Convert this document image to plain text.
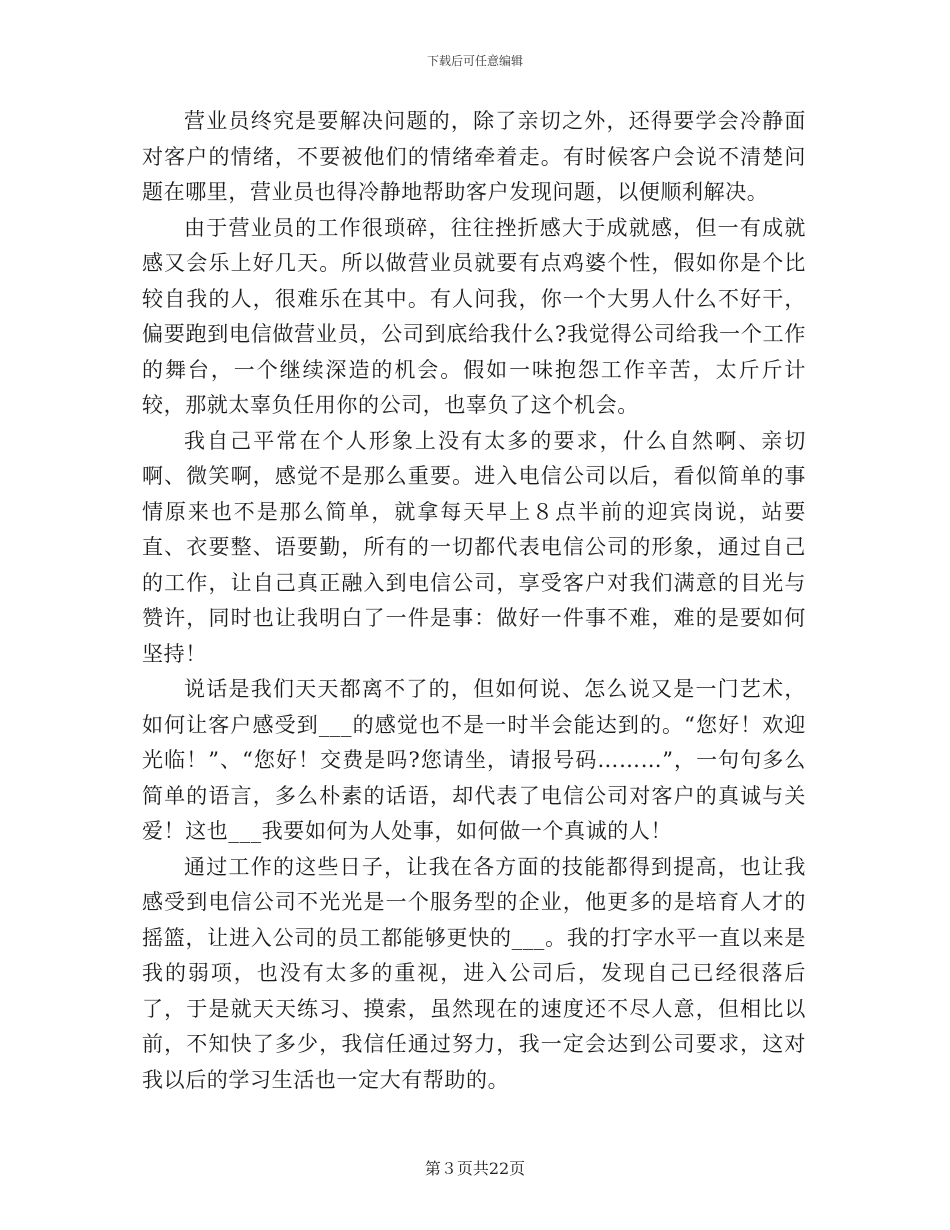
下载后可任意编辑

营业员终究是要解决问题的，除了亲切之外，还得要学会冷静面对客户的情绪，不要被他们的情绪牵着走。有时候客户会说不清楚问题在哪里，营业员也得冷静地帮助客户发现问题，以便顺利解决。

由于营业员的工作很琐碎，往往挫折感大于成就感，但一有成就感又会乐上好几天。所以做营业员就要有点鸡婆个性，假如你是个比较自我的人，很难乐在其中。有人问我，你一个大男人什么不好干，偏要跑到电信做营业员，公司到底给我什么?我觉得公司给我一个工作的舞台，一个继续深造的机会。假如一味抱怨工作辛苦，太斤斤计较，那就太辜负任用你的公司，也辜负了这个机会。

我自己平常在个人形象上没有太多的要求，什么自然啊、亲切啊、微笑啊，感觉不是那么重要。进入电信公司以后，看似简单的事情原来也不是那么简单，就拿每天早上８点半前的迎宾岗说，站要直、衣要整、语要勤，所有的一切都代表电信公司的形象，通过自己的工作，让自己真正融入到电信公司，享受客户对我们满意的目光与赞许，同时也让我明白了一件是事：做好一件事不难，难的是要如何坚持！

说话是我们天天都离不了的，但如何说、怎么说又是一门艺术，如何让客户感受到___的感觉也不是一时半会能达到的。“您好！欢迎光临！”、“您好！交费是吗?您请坐，请报号码………”，一句句多么简单的语言，多么朴素的话语，却代表了电信公司对客户的真诚与关爱！这也___我要如何为人处事，如何做一个真诚的人！

通过工作的这些日子，让我在各方面的技能都得到提高，也让我感受到电信公司不光光是一个服务型的企业，他更多的是培育人才的摇篮，让进入公司的员工都能够更快的___。我的打字水平一直以来是我的弱项，也没有太多的重视，进入公司后，发现自己已经很落后了，于是就天天练习、摸索，虽然现在的速度还不尽人意，但相比以前，不知快了多少，我信任通过努力，我一定会达到公司要求，这对我以后的学习生活也一定大有帮助的。

第３页共22页
